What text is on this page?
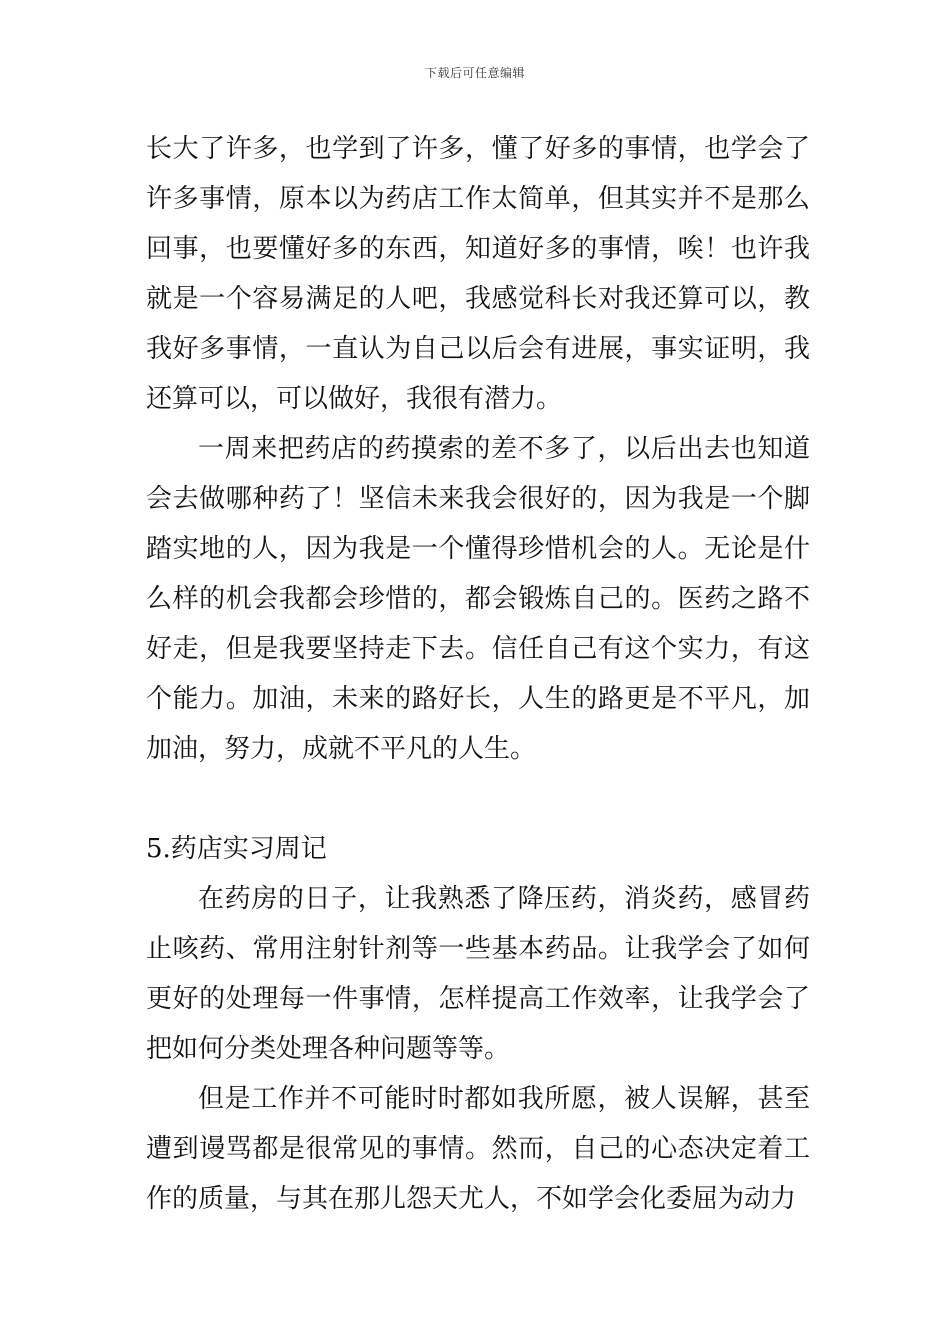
下载后可任意编辑

长大了许多，也学到了许多，懂了好多的事情，也学会了许多事情，原本以为药店工作太简单，但其实并不是那么回事，也要懂好多的东西，知道好多的事情，唉！也许我就是一个容易满足的人吧，我感觉科长对我还算可以，教我好多事情，一直认为自己以后会有进展，事实证明，我还算可以，可以做好，我很有潜力。

一周来把药店的药摸索的差不多了，以后出去也知道会去做哪种药了！坚信未来我会很好的，因为我是一个脚踏实地的人，因为我是一个懂得珍惜机会的人。无论是什么样的机会我都会珍惜的，都会锻炼自己的。医药之路不好走，但是我要坚持走下去。信任自己有这个实力，有这个能力。加油，未来的路好长，人生的路更是不平凡，加加油，努力，成就不平凡的人生。

5.药店实习周记

在药房的日子，让我熟悉了降压药，消炎药，感冒药止咳药、常用注射针剂等一些基本药品。让我学会了如何更好的处理每一件事情，怎样提高工作效率，让我学会了把如何分类处理各种问题等等。

但是工作并不可能时时都如我所愿，被人误解，甚至遭到谩骂都是很常见的事情。然而，自己的心态决定着工作的质量，与其在那儿怨天尤人，不如学会化委屈为动力
